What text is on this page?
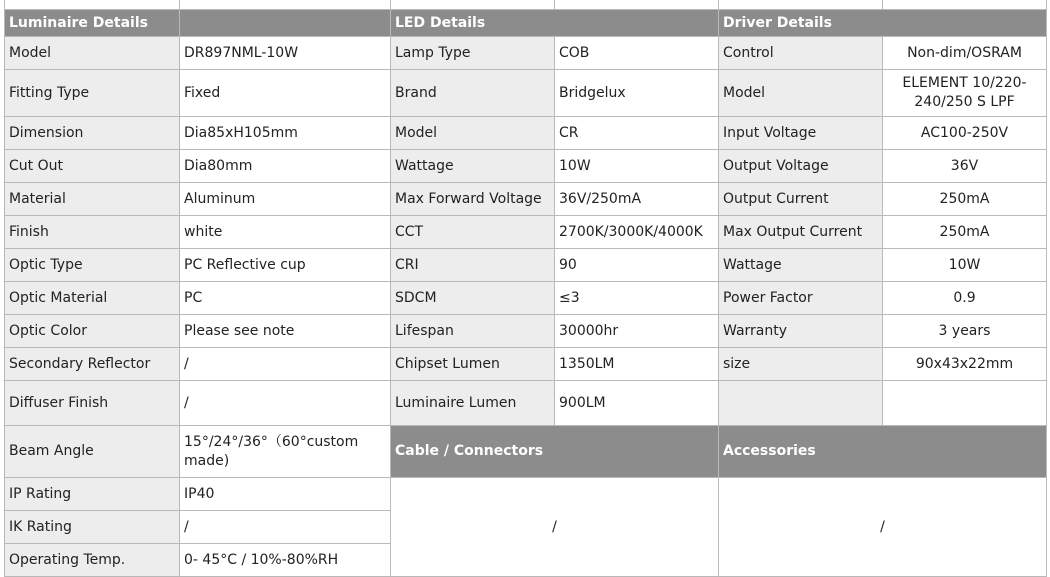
Luminaire Details		LED Details		Driver Details	
Model	DR897NML-10W	Lamp Type	COB	Control	Non-dim/OSRAM
Fitting Type	Fixed	Brand	Bridgelux	Model	ELEMENT 10/220-240/250 S LPF
Dimension	Dia85xH105mm	Model	CR	Input Voltage	AC100-250V
Cut Out	Dia80mm	Wattage	10W	Output Voltage	36V
Material	Aluminum	Max Forward Voltage	36V/250mA	Output Current	250mA
Finish	white	CCT	2700K/3000K/4000K	Max Output Current	250mA
Optic Type	PC Reflective cup	CRI	90	Wattage	10W
Optic Material	PC	SDCM	≤3	Power Factor	0.9
Optic Color	Please see note	Lifespan	30000hr	Warranty	3 years
Secondary Reflector	/	Chipset Lumen	1350LM	size	90x43x22mm
Diffuser Finish	/	Luminaire Lumen	900LM		
Beam Angle	15°/24°/36°（60°custom made)	Cable / Connectors		Accessories	
IP Rating	IP40	/		/	
IK Rating	/				
Operating Temp.	0- 45°C / 10%-80%RH				
